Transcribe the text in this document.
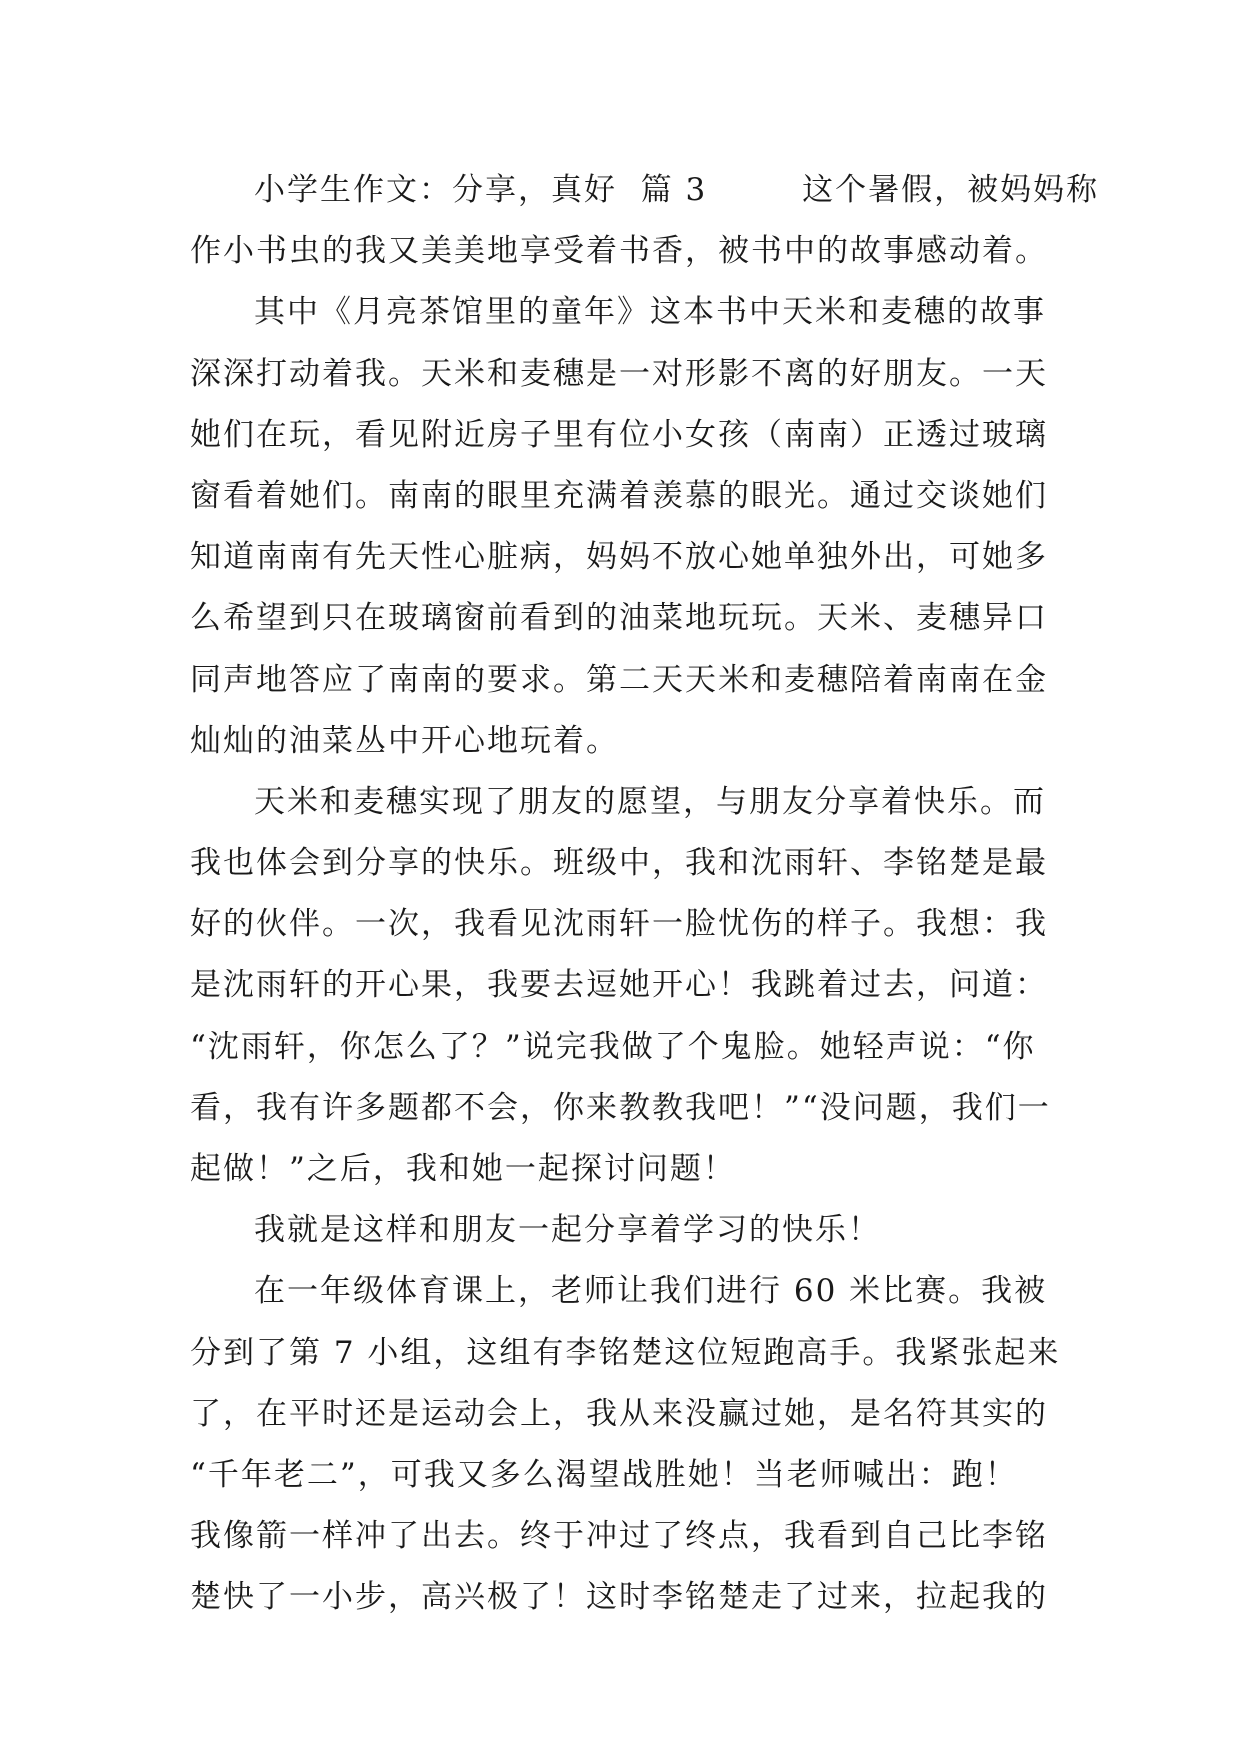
小学生作文：分享，真好  篇 3        这个暑假，被妈妈称
作小书虫的我又美美地享受着书香，被书中的故事感动着。
其中《月亮茶馆里的童年》这本书中天米和麦穗的故事
深深打动着我。天米和麦穗是一对形影不离的好朋友。一天
她们在玩，看见附近房子里有位小女孩（南南）正透过玻璃
窗看着她们。南南的眼里充满着羡慕的眼光。通过交谈她们
知道南南有先天性心脏病，妈妈不放心她单独外出，可她多
么希望到只在玻璃窗前看到的油菜地玩玩。天米、麦穗异口
同声地答应了南南的要求。第二天天米和麦穗陪着南南在金
灿灿的油菜丛中开心地玩着。
天米和麦穗实现了朋友的愿望，与朋友分享着快乐。而
我也体会到分享的快乐。班级中，我和沈雨轩、李铭楚是最
好的伙伴。一次，我看见沈雨轩一脸忧伤的样子。我想：我
是沈雨轩的开心果，我要去逗她开心！我跳着过去，问道：
“沈雨轩，你怎么了？”说完我做了个鬼脸。她轻声说：“你
看，我有许多题都不会，你来教教我吧！”“没问题，我们一
起做！”之后，我和她一起探讨问题！
我就是这样和朋友一起分享着学习的快乐！
在一年级体育课上，老师让我们进行 60 米比赛。我被
分到了第 7 小组，这组有李铭楚这位短跑高手。我紧张起来
了，在平时还是运动会上，我从来没赢过她，是名符其实的
“千年老二”，可我又多么渴望战胜她！当老师喊出：跑！
我像箭一样冲了出去。终于冲过了终点，我看到自己比李铭
楚快了一小步，高兴极了！这时李铭楚走了过来，拉起我的
